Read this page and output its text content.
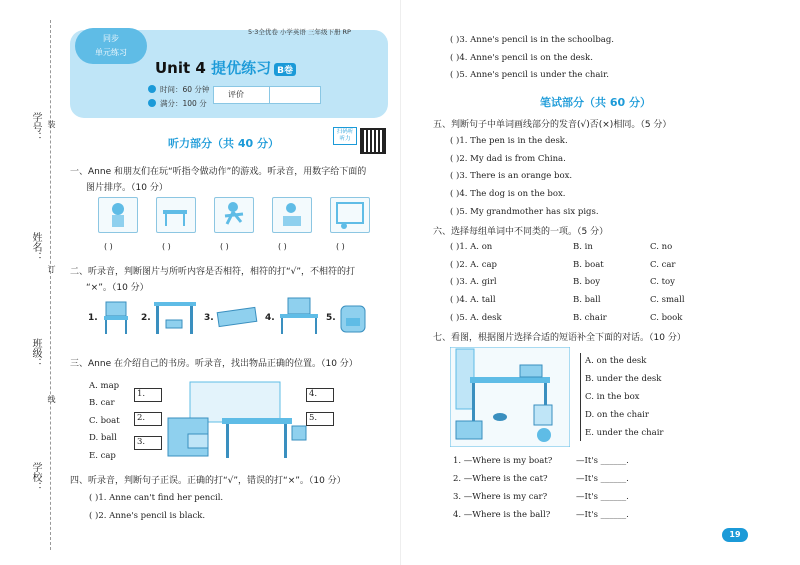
学号：
姓名：
班级：
学校：
装
订
线
同步
单元练习
5·3全优卷 小学英语 三年级下册 RP
Unit 4 提优练习 B卷
时间：60 分钟
满分：100 分
评价
听力部分（共 40 分）
扫码听听力
一、Anne 和朋友们在玩“听指令做动作”的游戏。听录音，用数字给下面的
图片排序。（10 分）
( )	( )	( )	( )	( )
二、听录音，判断图片与所听内容是否相符，相符的打“√”，不相符的打
“×”。（10 分）
1.	2.	3.	4.	5.
三、Anne 在介绍自己的书房。听录音，找出物品正确的位置。（10 分）
A. map
B. car
C. boat
D. ball
E. cap
1.
2.
3.
4.
5.
四、听录音，判断句子正误。正确的打“√”，错误的打“×”。（10 分）
( )1. Anne can't find her pencil.
( )2. Anne's pencil is black.
( )3. Anne's pencil is in the schoolbag.
( )4. Anne's pencil is on the desk.
( )5. Anne's pencil is under the chair.
笔试部分（共 60 分）
五、判断句子中单词画线部分的发音(√)否(×)相同。（5 分）
( )1. The pen is in the desk.
( )2. My dad is from China.
( )3. There is an orange box.
( )4. The dog is on the box.
( )5. My grandmother has six pigs.
六、选择每组单词中不同类的一项。（5 分）
( )1. A. on	B. in	C. no
( )2. A. cap	B. boat	C. car
( )3. A. girl	B. boy	C. toy
( )4. A. tall	B. ball	C. small
( )5. A. desk	B. chair	C. book
七、看图，根据图片选择合适的短语补全下面的对话。（10 分）
A. on the desk
B. under the desk
C. in the box
D. on the chair
E. under the chair
1. —Where is my boat?	—It's ______.
2. —Where is the cat?	—It's ______.
3. —Where is my car?	—It's ______.
4. —Where is the ball?	—It's ______.
19
